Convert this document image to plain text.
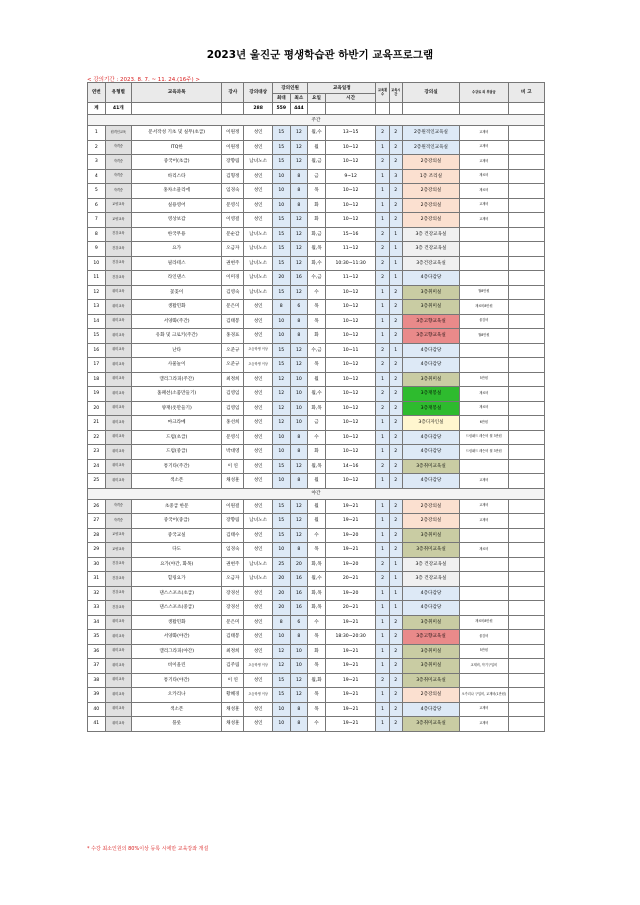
2023년 울진군 평생학습관 하반기 교육프로그램
< 강의기간 : 2023. 8. 7. ~ 11. 24.(16주) >
연번	유형별	교육과목	강사	강의대상	강의인원		교육일정		교육횟수	교육시간	강의실	수강료 외 부담금	비 고
					최대	최소	요일	시간					
계	41개			288	559	444							
주간													
1	원격인교육	문서작성 기초 및 실무(초급)	이원정	성인	15	12	월,수	13~15	2	2	2층원격인교육실	교재비	
2	자격증	ITQ한	이원정	성인	15	12	월	10~12	1	2	2층원격인교육실	교재비	
3	자격증	중국어(초급)	장향림	남녀노소	15	12	월,금	10~12	2	2	2층강의실	교재비	
4	자격증	바리스타	김형정	성인	10	8	금	9~12	1	3	1층 조리실	재료비	
5	자격증	홍차소믈리에	임경숙	성인	10	8	목	10~12	1	2	2층강의실	재료비	
6	교양교육	실용영어	문영식	성인	10	8	화	10~12	1	2	2층강의실	교재비	
7	교양교육	영상보감	이영걸	성인	15	12	화	10~12	1	2	2층강의실	교재비	
8	건강교육	한국무용	문순감	남녀노소	15	12	화,금	15~16	2	1	3층 건강교육실		
9	건강교육	요가	오금자	남녀노소	15	12	월,목	11~12	2	1	3층 건강교육실		
10	건강교육	필라테스	권현주	남녀노소	15	12	화,수	10:30~11:30	2	1	3층건강교육실		
11	건강교육	라인댄스	이미경	남녀노소	20	16	수,금	11~12	2	1	4층다감당		
12	취미교육	꽃꽂이	김영숙	남녀노소	15	12	수	10~12	1	2	3층취미실	월8만원	
13	취미교육	생활민화	문은미	성인	8	6	목	10~12	1	2	3층취미실	재료비8만원	
14	취미교육	서양화(주간)	김태봉	성인	10	8	목	10~12	1	2	3층고향교육실	물감비	
15	취미교육	유화 및 크로키(주간)	홍경표	성인	10	8	화	10~12	1	2	3층고향교육실	월8만원	
16	취미교육	난타	오준규	초등학생 이상	15	12	수,금	10~11	2	1	4층다감당		
17	취미교육	사물놀이	오준규	초등학생 이상	15	12	목	10~12	2	2	4층다감당		
18	취미교육	캘리그라피(주간)	최정희	성인	12	10	월	10~12	1	2	3층취미실	5만원	
19	취미교육	홈패션(소품만들기)	김영임	성인	12	10	월,수	10~12	2	2	3층재봉실	재료비	
20	취미교육	양재(옷만들기)	김영임	성인	12	10	화,목	10~12	2	2	3층재봉실	재료비	
21	취미교육	마크라메	홍선희	성인	12	10	금	10~12	1	2	3층디자인실	6만원	
22	취미교육	드럼(초급)	문영식	성인	10	8	수	10~12	1	2	4층다감당	드럼패드 레슨비 월 3만원	
23	취미교육	드럼(중급)	박대영	성인	10	8	화	10~12	1	2	4층다감당	드럼패드 레슨비 월 3만원	
24	취미교육	통기타(주간)	이 연	성인	15	12	월,목	14~16	2	2	3층취미교육실		
25	취미교육	색소폰	채성훈	성인	10	8	월	10~12	1	2	4층다감당	교재비	
야간													
26	자격증	초중급 한문	이원걸	성인	15	12	월	19~21	1	2	2층강의실	교재비	
27	자격증	중국어(중급)	장향림	남녀노소	15	12	월	19~21	1	2	2층강의실	교재비	
28	교양교육	중국교실	김태수	성인	15	12	수	19~20	1	2	3층취미실		
29	교양교육	다도	임경숙	성인	10	8	목	19~21	1	2	3층취미교육실	재료비	
30	건강교육	요가(야간, 화목)	권현주	남녀노소	25	20	화,목	19~20	2	1	3층 건강교육실		
31	건강교육	힐링요가	오금자	남녀노소	20	16	월,수	20~21	2	1	3층 건강교육실		
32	건강교육	댄스스포츠(초급)	장경선	성인	20	16	화,목	19~20	1	1	4층다감당		
33	건강교육	댄스스포츠(중급)	장경선	성인	20	16	화,목	20~21	1	1	4층다감당		
34	취미교육	생활민화	문은미	성인	8	6	수	19~21	1	2	3층취미실	재료비8만원	
35	취미교육	서양화(야간)	김태봉	성인	10	8	목	18:30~20:30	1	2	3층고향교육실	물감비	
36	취미교육	캘리그라피(야간)	최정희	성인	12	10	화	19~21	1	2	3층취미실	5만원	
37	취미교육	비이올린	김주림	초등학생 이상	12	10	목	19~21	1	2	3층취미실	교재비, 악기구입비	
38	취미교육	통기타(야간)	이 연	성인	15	12	월,화	19~21	2	2	3층취미교육실		
39	취미교육	오카리나	황혜경	초등학생 이상	15	12	목	19~21	1	2	2층강의실	오카리나 구입비, 교재비(1만원)	
40	취미교육	색소폰	채성훈	성인	10	8	목	19~21	1	2	4층다감당	교재비	
41	취미교육	플룻	채성훈	성인	10	8	수	19~21	1	2	3층취미교육실	교재비	
* 수강 최소인원의 80%이상 등록 시에만 교육강좌 개설
